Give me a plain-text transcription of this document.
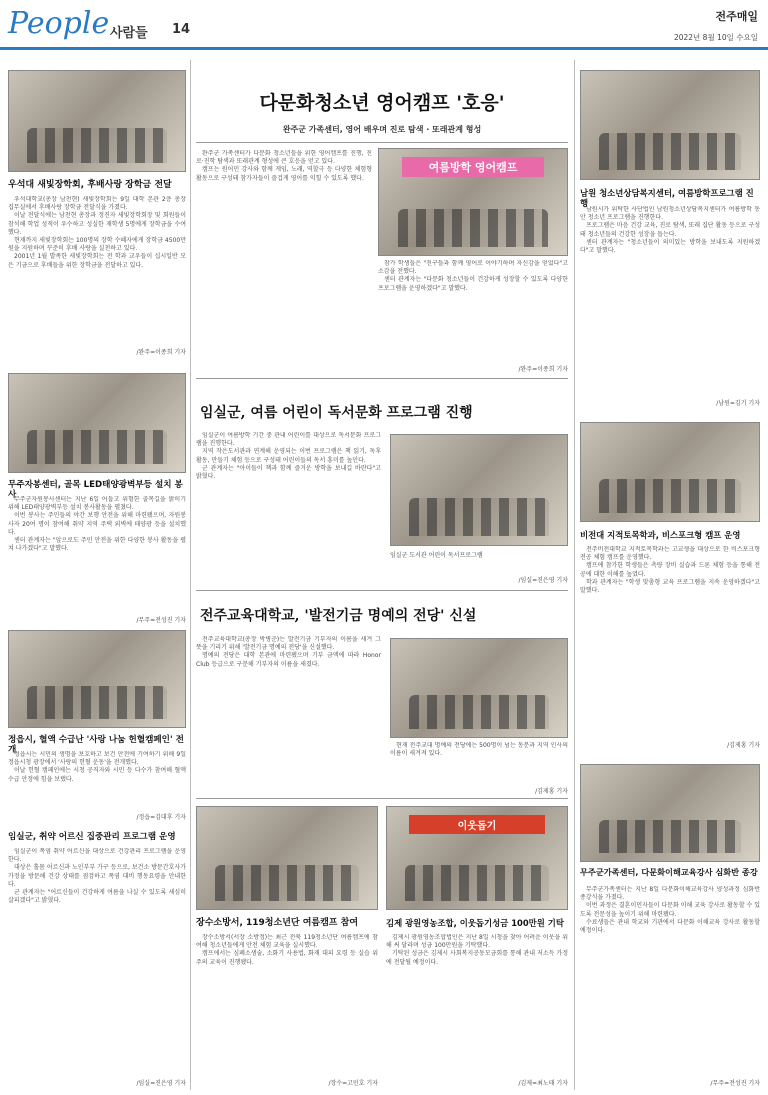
People 사람들 14
전주매일
2022년 8월 10일 수요일
우석대 새빛장학회, 후배사랑 장학금 전달

우석대학교(총장 남천현) 새빛장학회는 9일 대학 본관 2층 총장 집무실에서 후배사랑 장학금 전달식을 가졌다.

이날 전달식에는 남천현 총장과 정진자 새빛장학회장 및 회원들이 참석해 학업 성적이 우수하고 성실한 재학생 5명에게 장학금을 수여했다.

현재까지 새빛장학회는 100명의 장학 수혜자에게 장학금 4500만 원을 지원하며 꾸준히 후배 사랑을 실천하고 있다.

2001년 1월 발족한 새빛장학회는 전 학과 교우들이 십시일반 모은 기금으로 후배들을 위한 장학금을 전달하고 있다.

/완주=이종희 기자
무주자봉센터, 골목 LED태양광벽부등 설치 봉사

무주군자원봉사센터는 지난 6일 어둡고 위험한 골목길을 밝히기 위해 LED태양광벽부등 설치 봉사활동을 펼쳤다.

이번 봉사는 주민들의 야간 보행 안전을 위해 마련됐으며, 자원봉사자 20여 명이 참여해 취약 지역 주택 외벽에 태양광 등을 설치했다.

센터 관계자는 "앞으로도 주민 안전을 위한 다양한 봉사 활동을 펼쳐 나가겠다"고 말했다.

/무주=전성진 기자
정읍시, 혈액 수급난 '사랑 나눔 헌혈캠페인' 전개

정읍시는 시민의 생명을 보호하고 보건 안전에 기여하기 위해 9일 정읍시청 광장에서 '사랑의 헌혈 운동'을 전개했다.

이날 헌혈 캠페인에는 시청 공직자와 시민 등 다수가 참여해 혈액 수급 안정에 힘을 보탰다.

/정읍=김대후 기자
임실군, 취약 어르신 집중관리 프로그램 운영

임실군이 폭염 취약 어르신을 대상으로 건강관리 프로그램을 운영한다.

대상은 홀몸 어르신과 노인부부 가구 등으로, 보건소 방문간호사가 가정을 방문해 건강 상태를 점검하고 폭염 대비 행동요령을 안내한다.

군 관계자는 "어르신들이 건강하게 여름을 나실 수 있도록 세심히 살피겠다"고 밝혔다.

/임실=진은영 기자
다문화청소년 영어캠프 '호응'
완주군 가족센터, 영어 배우며 진로 탐색 · 또래관계 형성

완주군 가족센터가 다문화 청소년들을 위한 영어캠프를 진행, 진로·진학 탐색과 또래관계 형성에 큰 호응을 얻고 있다.

캠프는 원어민 강사와 함께 게임, 노래, 역할극 등 다양한 체험형 활동으로 구성돼 참가자들이 즐겁게 영어를 익힐 수 있도록 했다.

여름방학 영어캠프

참가 학생들은 "친구들과 함께 영어로 이야기하며 자신감을 얻었다"고 소감을 전했다.

센터 관계자는 "다문화 청소년들이 건강하게 성장할 수 있도록 다양한 프로그램을 운영하겠다"고 말했다.

/완주=이종희 기자
임실군, 여름 어린이 독서문화 프로그램 진행

임실군이 여름방학 기간 중 관내 어린이를 대상으로 독서문화 프로그램을 진행한다.

지역 작은도서관과 연계해 운영되는 이번 프로그램은 책 읽기, 독후 활동, 만들기 체험 등으로 구성돼 어린이들의 독서 흥미를 높인다.

군 관계자는 "아이들이 책과 함께 즐거운 방학을 보내길 바란다"고 밝혔다.

임실군 도서관 어린이 독서프로그램
/임실=진은영 기자
전주교육대학교, '발전기금 명예의 전당' 신설

전주교육대학교(총장 박병춘)는 발전기금 기부자의 이름을 새겨 그 뜻을 기리기 위해 '발전기금 명예의 전당'을 신설했다.

명예의 전당은 대학 본관에 마련됐으며 기부 금액에 따라 Honor Club 등급으로 구분해 기부자의 이름을 새겼다.

현재 전주교대 명예의 전당에는 500명이 넘는 동문과 지역 인사의 이름이 새겨져 있다.

/김제홍 기자
장수소방서, 119청소년단 여름캠프 참여

장수소방서(서장 소방정)는 최근 전북 119청소년단 여름캠프에 참여해 청소년들에게 안전 체험 교육을 실시했다.

캠프에서는 심폐소생술, 소화기 사용법, 화재 대피 요령 등 실습 위주의 교육이 진행됐다.

/장수=고민호 기자
이웃돕기
김제 광원영농조합, 이웃돕기성금 100만원 기탁

김제시 광원영농조합법인은 지난 8일 시청을 찾아 어려운 이웃을 위해 써 달라며 성금 100만원을 기탁했다.

기탁된 성금은 김제시 사회복지공동모금회를 통해 관내 저소득 가정에 전달될 예정이다.

/김제=최노태 기자
남원 청소년상담복지센터, 여름방학프로그램 진행

남원시가 위탁한 사단법인 남원청소년상담복지센터가 여름방학 동안 청소년 프로그램을 진행한다.

프로그램은 마음 건강 교육, 진로 탐색, 또래 집단 활동 등으로 구성돼 청소년들의 건강한 성장을 돕는다.

센터 관계자는 "청소년들이 의미있는 방학을 보내도록 지원하겠다"고 말했다.

/남원=김기 기자
비전대 지적토목학과, 비스포크형 캠프 운영

전주비전대학교 지적토목학과는 고교생을 대상으로 한 비스포크형 전공 체험 캠프를 운영했다.

캠프에 참가한 학생들은 측량 장비 실습과 드론 체험 등을 통해 전공에 대한 이해를 높였다.

학과 관계자는 "학생 맞춤형 교육 프로그램을 지속 운영하겠다"고 말했다.

/김제홍 기자
무주군가족센터, 다문화이해교육강사 심화반 종강

무주군가족센터는 지난 8일 다문화이해교육강사 양성과정 심화반 종강식을 가졌다.

이번 과정은 결혼이민자들이 다문화 이해 교육 강사로 활동할 수 있도록 전문성을 높이기 위해 마련됐다.

수료생들은 관내 학교와 기관에서 다문화 이해교육 강사로 활동할 예정이다.

/무주=전성진 기자
